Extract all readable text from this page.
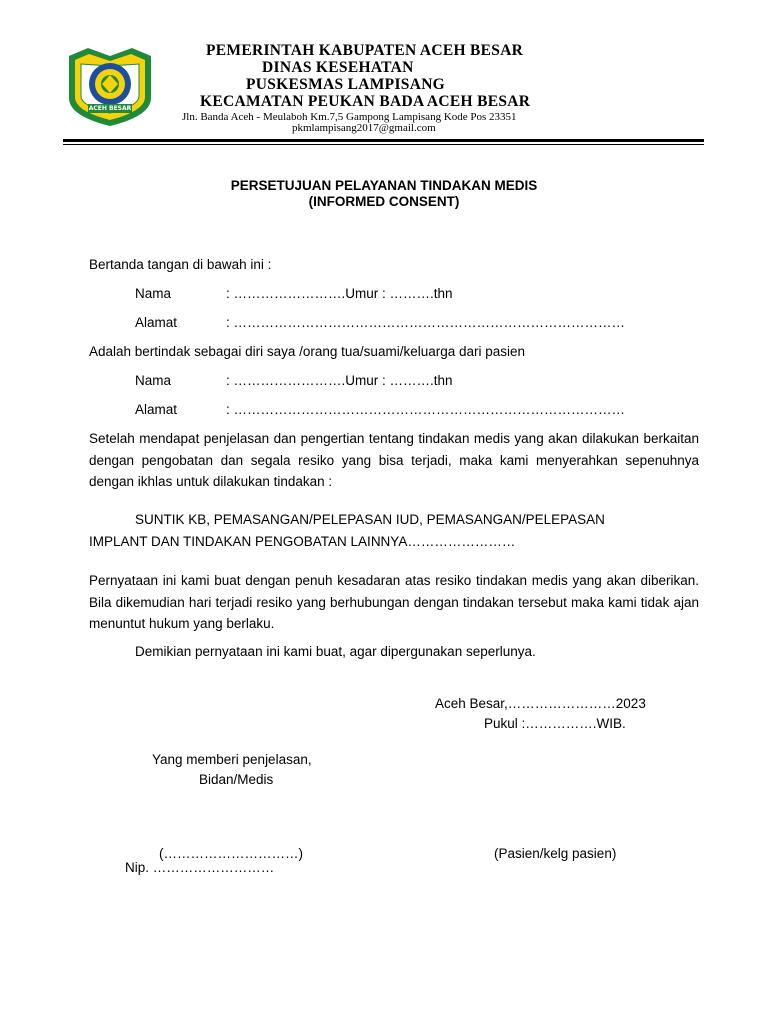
ACEH BESAR
PEMERINTAH KABUPATEN ACEH BESAR
DINAS KESEHATAN
PUSKESMAS LAMPISANG
KECAMATAN PEUKAN BADA ACEH BESAR
Jln. Banda Aceh - Meulaboh Km.7,5 Gampong Lampisang Kode Pos 23351
pkmlampisang2017@gmail.com
PERSETUJUAN PELAYANAN TINDAKAN MEDIS
(INFORMED CONSENT)
Bertanda tangan di bawah ini :
Nama	: …………………….Umur : ……….thn
Alamat	: ……………………………………………………………………………
Adalah bertindak sebagai diri saya /orang tua/suami/keluarga dari pasien
Nama	: …………………….Umur : ……….thn
Alamat	: ……………………………………………………………………………
Setelah mendapat penjelasan dan pengertian tentang tindakan medis yang akan dilakukan berkaitan dengan pengobatan dan segala resiko yang bisa terjadi, maka kami menyerahkan sepenuhnya dengan ikhlas untuk dilakukan tindakan :
SUNTIK KB, PEMASANGAN/PELEPASAN IUD, PEMASANGAN/PELEPASAN
IMPLANT DAN TINDAKAN PENGOBATAN LAINNYA……………………
Pernyataan ini kami buat dengan penuh kesadaran atas resiko tindakan medis yang akan diberikan. Bila dikemudian hari terjadi resiko yang berhubungan dengan tindakan tersebut maka kami tidak ajan menuntut hukum yang berlaku.
Demikian pernyataan ini kami buat, agar dipergunakan seperlunya.
Aceh Besar,……………………2023
Pukul :…………….WIB.
Yang memberi penjelasan,
Bidan/Medis
(…………………………)
Nip. ………………………
(Pasien/kelg pasien)
